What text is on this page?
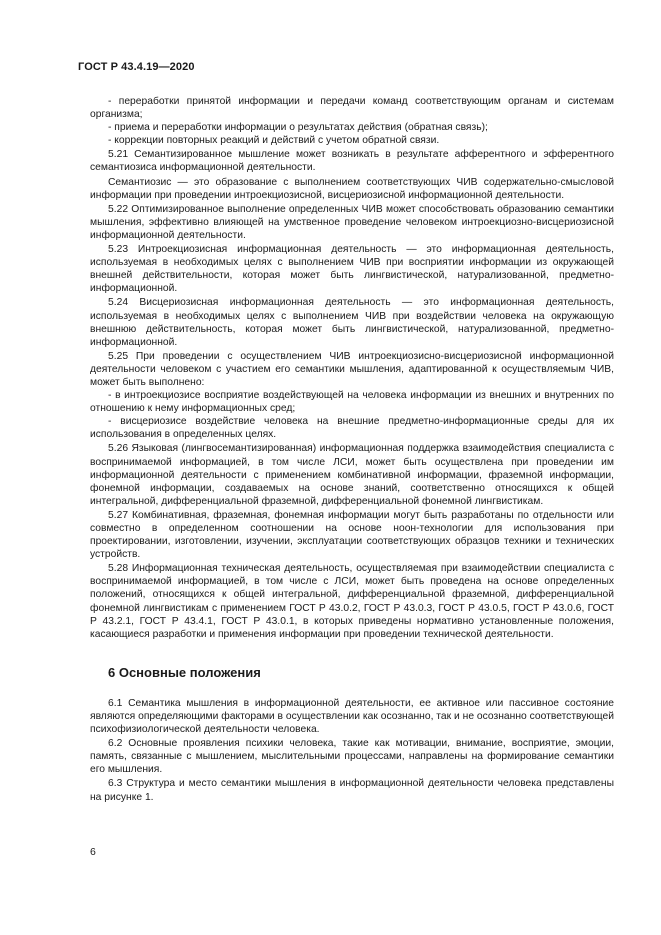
ГОСТ Р 43.4.19—2020

- переработки принятой информации и передачи команд соответствующим органам и системам организма;

- приема и переработки информации о результатах действия (обратная связь);

- коррекции повторных реакций и действий с учетом обратной связи.

5.21 Семантизированное мышление может возникать в результате афферентного и эфферентного семантиозиса информационной деятельности.

Семантиозис — это образование с выполнением соответствующих ЧИВ содержательно-смысловой информации при проведении интроекциозисной, висцериозисной информационной деятельности.

5.22 Оптимизированное выполнение определенных ЧИВ может способствовать образованию семантики мышления, эффективно влияющей на умственное проведение человеком интроекциозно-висцериозисной информационной деятельности.

5.23 Интроекциозисная информационная деятельность — это информационная деятельность, используемая в необходимых целях с выполнением ЧИВ при восприятии информации из окружающей внешней действительности, которая может быть лингвистической, натурализованной, предметно-информационной.

5.24 Висцериозисная информационная деятельность — это информационная деятельность, используемая в необходимых целях с выполнением ЧИВ при воздействии человека на окружающую внешнюю действительность, которая может быть лингвистической, натурализованной, предметно-информационной.

5.25 При проведении с осуществлением ЧИВ интроекциозисно-висцериозисной информационной деятельности человеком с участием его семантики мышления, адаптированной к осуществляемым ЧИВ, может быть выполнено:

- в интроекциозисе восприятие воздействующей на человека информации из внешних и внутренних по отношению к нему информационных сред;

- висцериозисе воздействие человека на внешние предметно-информационные среды для их использования в определенных целях.

5.26 Языковая (лингвосемантизированная) информационная поддержка взаимодействия специалиста с воспринимаемой информацией, в том числе ЛСИ, может быть осуществлена при проведении им информационной деятельности с применением комбинативной информации, фраземной информации, фонемной информации, создаваемых на основе знаний, соответственно относящихся к общей интегральной, дифференциальной фраземной, дифференциальной фонемной лингвистикам.

5.27 Комбинативная, фраземная, фонемная информации могут быть разработаны по отдельности или совместно в определенном соотношении на основе ноон-технологии для использования при проектировании, изготовлении, изучении, эксплуатации соответствующих образцов техники и технических устройств.

5.28 Информационная техническая деятельность, осуществляемая при взаимодействии специалиста с воспринимаемой информацией, в том числе с ЛСИ, может быть проведена на основе определенных положений, относящихся к общей интегральной, дифференциальной фраземной, дифференциальной фонемной лингвистикам с применением ГОСТ Р 43.0.2, ГОСТ Р 43.0.3, ГОСТ Р 43.0.5, ГОСТ Р 43.0.6, ГОСТ Р 43.2.1, ГОСТ Р 43.4.1, ГОСТ Р 43.0.1, в которых приведены нормативно установленные положения, касающиеся разработки и применения информации при проведении технической деятельности.

6 Основные положения

6.1 Семантика мышления в информационной деятельности, ее активное или пассивное состояние являются определяющими факторами в осуществлении как осознанно, так и не осознанно соответствующей психофизиологической деятельности человека.

6.2 Основные проявления психики человека, такие как мотивации, внимание, восприятие, эмоции, память, связанные с мышлением, мыслительными процессами, направлены на формирование семантики его мышления.

6.3 Структура и место семантики мышления в информационной деятельности человека представлены на рисунке 1.

6
